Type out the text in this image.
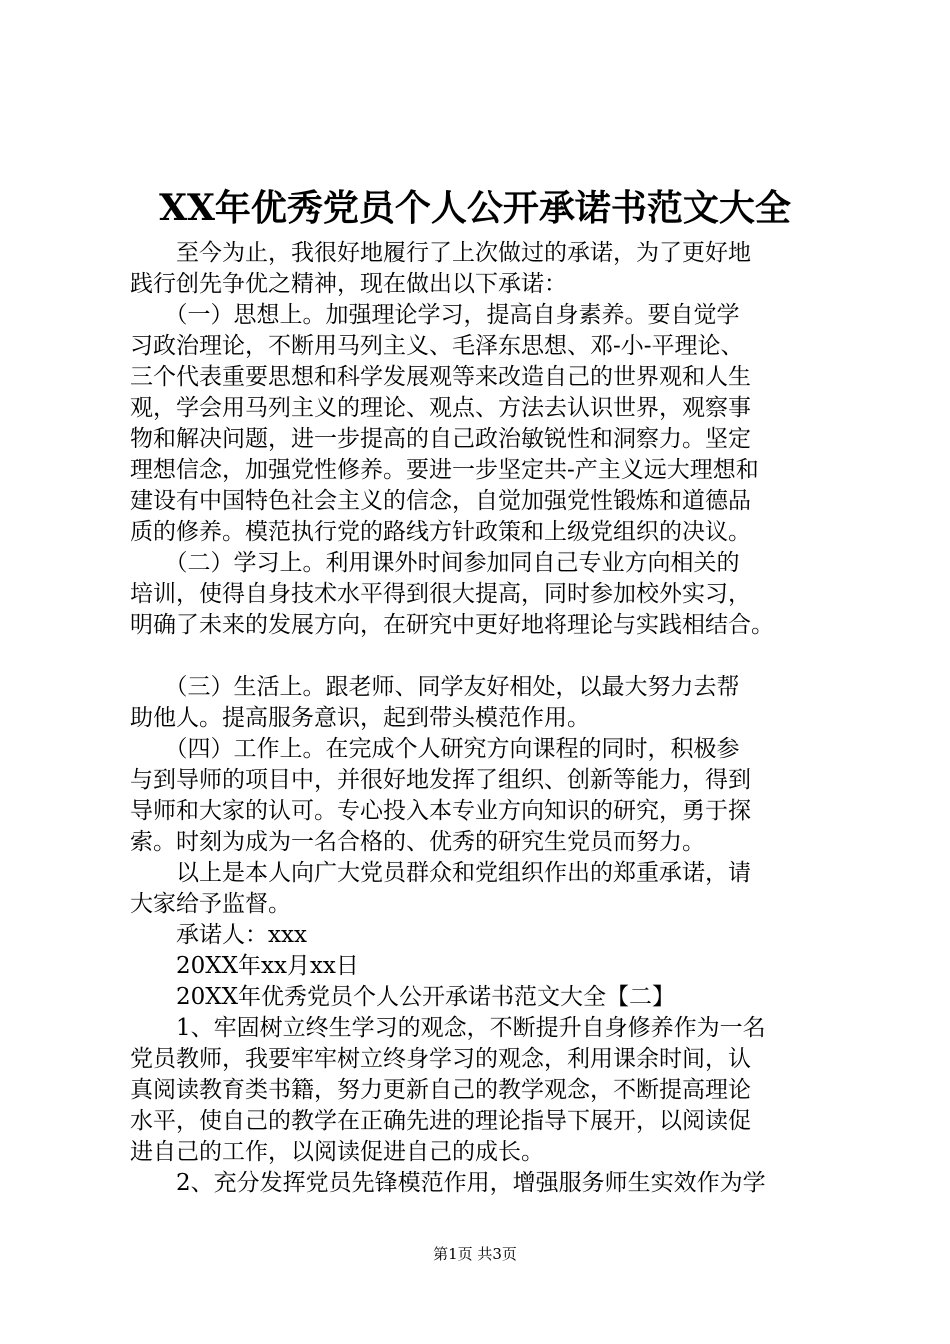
XX年优秀党员个人公开承诺书范文大全
　　至今为止，我很好地履行了上次做过的承诺，为了更好地
践行创先争优之精神，现在做出以下承诺：
　　（一）思想上。加强理论学习，提高自身素养。要自觉学
习政治理论，不断用马列主义、毛泽东思想、邓-小-平理论、
三个代表重要思想和科学发展观等来改造自己的世界观和人生
观，学会用马列主义的理论、观点、方法去认识世界，观察事
物和解决问题，进一步提高的自己政治敏锐性和洞察力。坚定
理想信念，加强党性修养。要进一步坚定共-产主义远大理想和
建设有中国特色社会主义的信念，自觉加强党性锻炼和道德品
质的修养。模范执行党的路线方针政策和上级党组织的决议。
　　（二）学习上。利用课外时间参加同自己专业方向相关的
培训，使得自身技术水平得到很大提高，同时参加校外实习，
明确了未来的发展方向，在研究中更好地将理论与实践相结合。
　　（三）生活上。跟老师、同学友好相处，以最大努力去帮
助他人。提高服务意识，起到带头模范作用。
　　（四）工作上。在完成个人研究方向课程的同时，积极参
与到导师的项目中，并很好地发挥了组织、创新等能力，得到
导师和大家的认可。专心投入本专业方向知识的研究，勇于探
索。时刻为成为一名合格的、优秀的研究生党员而努力。
　　以上是本人向广大党员群众和党组织作出的郑重承诺，请
大家给予监督。
　　承诺人：xxx
　　20XX年xx月xx日
　　20XX年优秀党员个人公开承诺书范文大全【二】
　　1、牢固树立终生学习的观念，不断提升自身修养作为一名
党员教师，我要牢牢树立终身学习的观念，利用课余时间，认
真阅读教育类书籍，努力更新自己的教学观念，不断提高理论
水平，使自己的教学在正确先进的理论指导下展开，以阅读促
进自己的工作，以阅读促进自己的成长。
　　2、充分发挥党员先锋模范作用，增强服务师生实效作为学
第1页 共3页
